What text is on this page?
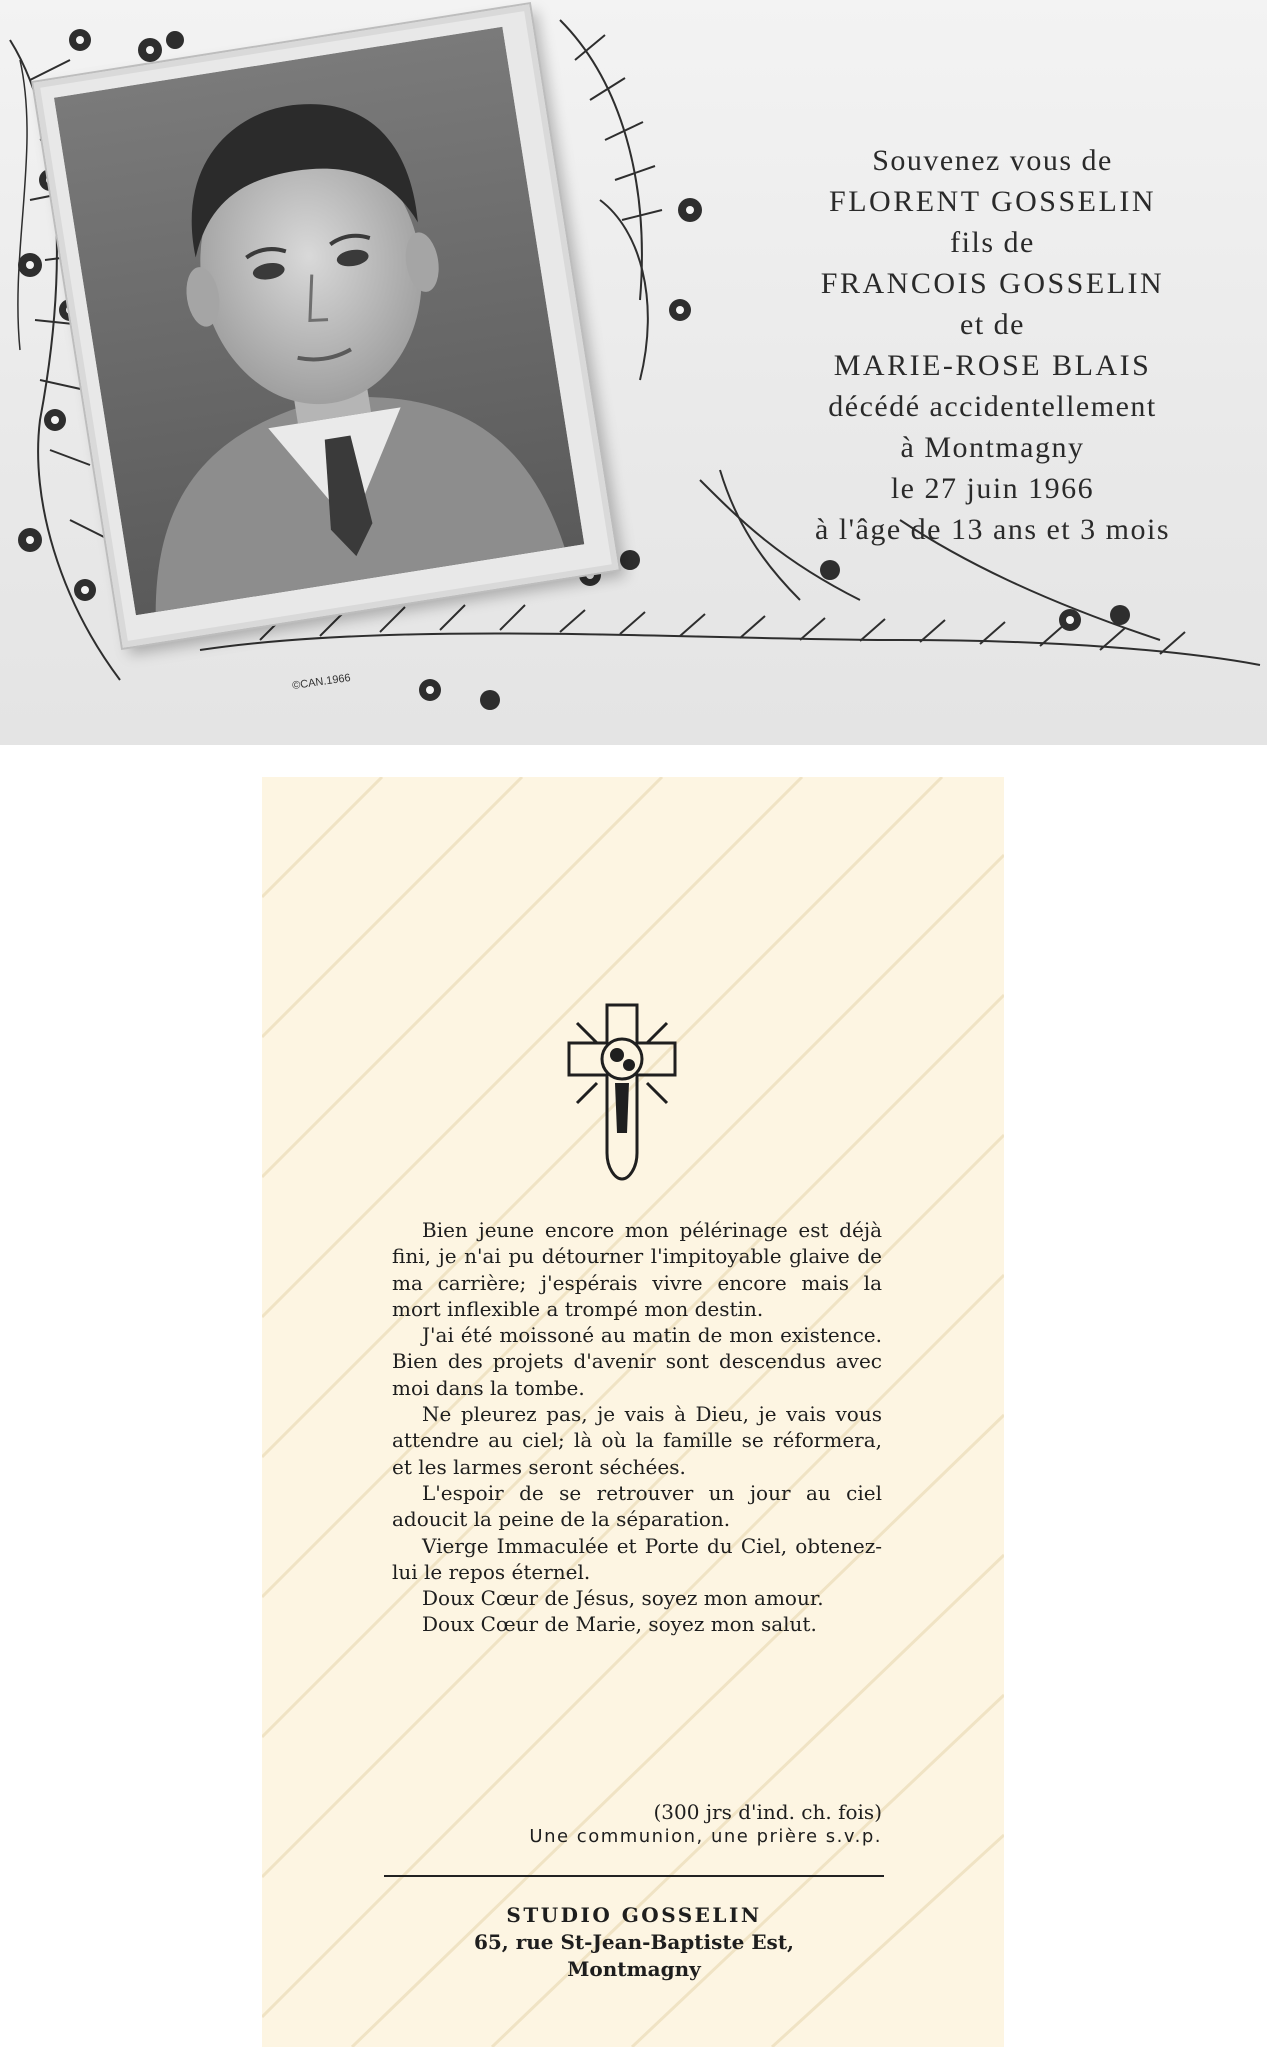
Souvenez vous de
FLORENT GOSSELIN
fils de
FRANCOIS GOSSELIN
et de
MARIE-ROSE BLAIS
décédé accidentellement
à Montmagny
le 27 juin 1966
à l'âge de 13 ans et 3 mois
©CAN.1966

Bien jeune encore mon pélérinage est déjà fini, je n'ai pu détourner l'impitoyable glaive de ma carrière; j'espérais vivre encore mais la mort inflexible a trompé mon destin.

J'ai été moissoné au matin de mon existence. Bien des projets d'avenir sont descendus avec moi dans la tombe.

Ne pleurez pas, je vais à Dieu, je vais vous attendre au ciel; là où la famille se réformera, et les larmes seront séchées.

L'espoir de se retrouver un jour au ciel adoucit la peine de la séparation.

Vierge Immaculée et Porte du Ciel, obtenez-lui le repos éternel.

Doux Cœur de Jésus, soyez mon amour.

Doux Cœur de Marie, soyez mon salut.

(300 jrs d'ind. ch. fois)
Une communion, une prière s.v.p.
STUDIO GOSSELIN
65, rue St-Jean-Baptiste Est,
Montmagny
